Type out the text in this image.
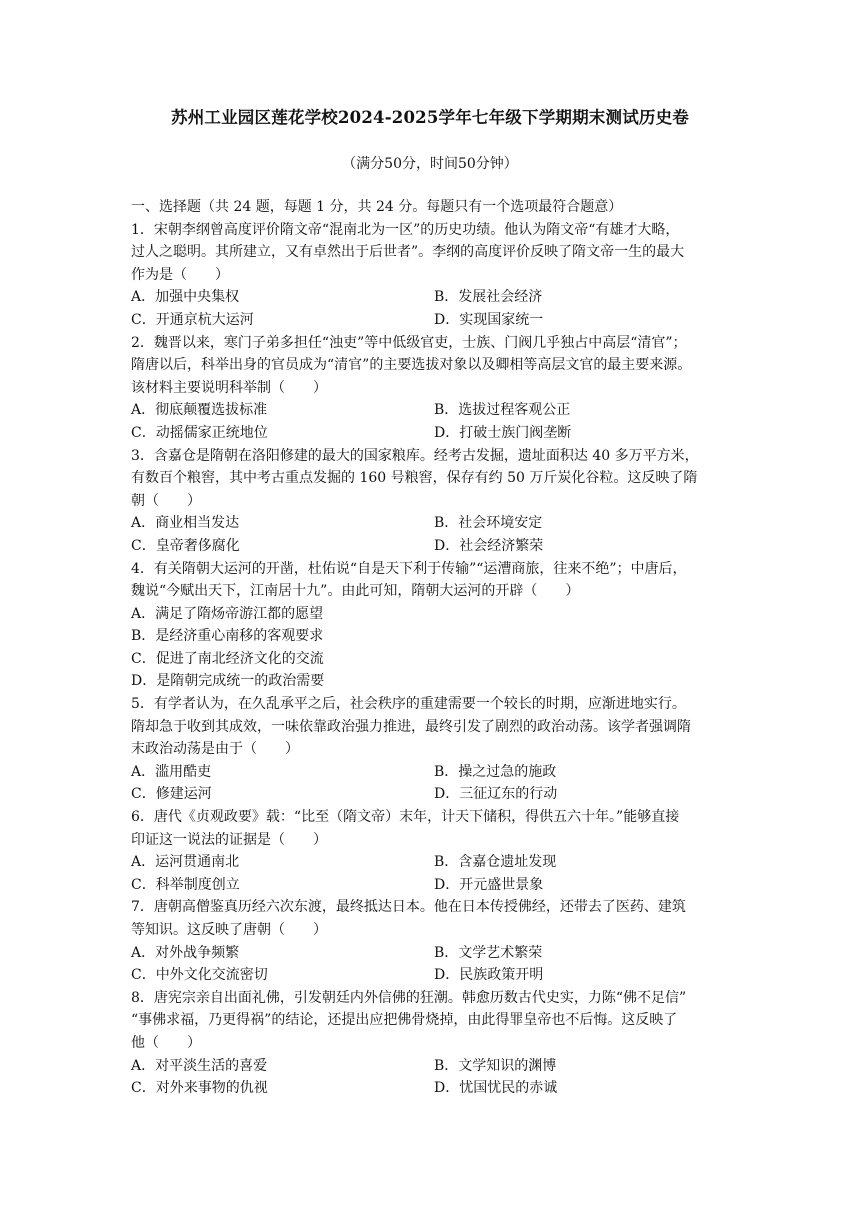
苏州工业园区莲花学校2024-2025学年七年级下学期期末测试历史卷
（满分50分，时间50分钟）
一、选择题（共 24 题，每题 1 分，共 24 分。每题只有一个选项最符合题意）
1．宋朝李纲曾高度评价隋文帝“混南北为一区”的历史功绩。他认为隋文帝“有雄才大略，
过人之聪明。其所建立，又有卓然出于后世者”。李纲的高度评价反映了隋文帝一生的最大
作为是（　　）
A．加强中央集权	B．发展社会经济
C．开通京杭大运河	D．实现国家统一
2．魏晋以来，寒门子弟多担任“浊吏”等中低级官吏，士族、门阀几乎独占中高层“清官”；
隋唐以后，科举出身的官员成为“清官”的主要选拔对象以及卿相等高层文官的最主要来源。
该材料主要说明科举制（　　）
A．彻底颠覆选拔标准	B．选拔过程客观公正
C．动摇儒家正统地位	D．打破士族门阀垄断
3．含嘉仓是隋朝在洛阳修建的最大的国家粮库。经考古发掘，遗址面积达 40 多万平方米，
有数百个粮窖，其中考古重点发掘的 160 号粮窖，保存有约 50 万斤炭化谷粒。这反映了隋
朝（　　）
A．商业相当发达	B．社会环境安定
C．皇帝奢侈腐化	D．社会经济繁荣
4．有关隋朝大运河的开凿，杜佑说“自是天下利于传输”“运漕商旅，往来不绝”；中唐后，
魏说“今赋出天下，江南居十九”。由此可知，隋朝大运河的开辟（　　）
A．满足了隋炀帝游江都的愿望
B．是经济重心南移的客观要求
C．促进了南北经济文化的交流
D．是隋朝完成统一的政治需要
5．有学者认为，在久乱承平之后，社会秩序的重建需要一个较长的时期，应渐进地实行。
隋却急于收到其成效，一味依靠政治强力推进，最终引发了剧烈的政治动荡。该学者强调隋
末政治动荡是由于（　　）
A．滥用酷吏	B．操之过急的施政
C．修建运河	D．三征辽东的行动
6．唐代《贞观政要》载：“比至（隋文帝）末年，计天下储积，得供五六十年。”能够直接
印证这一说法的证据是（　　）
A．运河贯通南北	B．含嘉仓遗址发现
C．科举制度创立	D．开元盛世景象
7．唐朝高僧鉴真历经六次东渡，最终抵达日本。他在日本传授佛经，还带去了医药、建筑
等知识。这反映了唐朝（　　）
A．对外战争频繁	B．文学艺术繁荣
C．中外文化交流密切	D．民族政策开明
8．唐宪宗亲自出面礼佛，引发朝廷内外信佛的狂潮。韩愈历数古代史实，力陈“佛不足信”
“事佛求福，乃更得祸”的结论，还提出应把佛骨烧掉，由此得罪皇帝也不后悔。这反映了
他（　　）
A．对平淡生活的喜爱	B．文学知识的渊博
C．对外来事物的仇视	D．忧国忧民的赤诚
